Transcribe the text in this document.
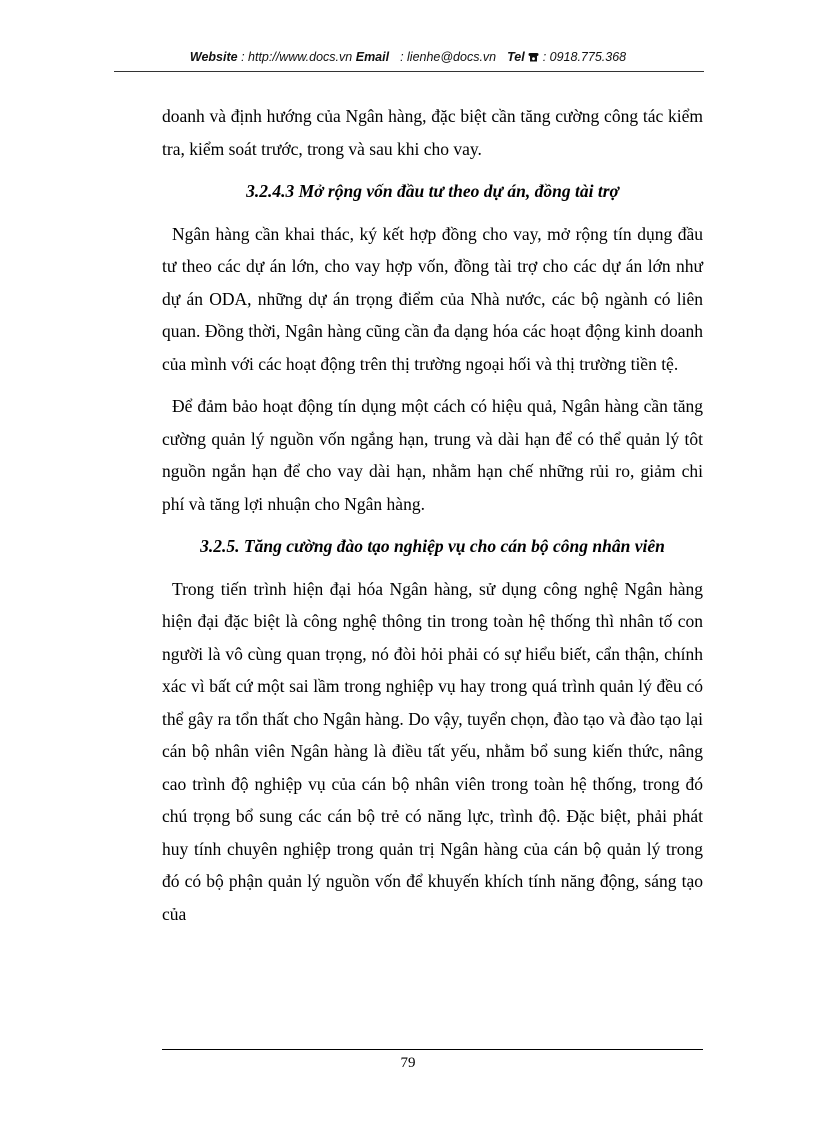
Website : http://www.docs.vn Email : lienhe@docs.vn Tel : 0918.775.368

doanh và định hướng của Ngân hàng, đặc biệt cần tăng cường công tác kiểm tra, kiểm soát trước, trong và sau khi cho vay.

3.2.4.3 Mở rộng vốn đầu tư theo dự án, đồng tài trợ

Ngân hàng cần khai thác, ký kết hợp đồng cho vay, mở rộng tín dụng đầu tư theo các dự án lớn, cho vay hợp vốn, đồng tài trợ cho các dự án lớn như dự án ODA, những dự án trọng điểm của Nhà nước, các bộ ngành có liên quan. Đồng thời, Ngân hàng cũng cần đa dạng hóa các hoạt động kinh doanh của mình với các hoạt động trên thị trường ngoại hối và thị trường tiền tệ.

Để đảm bảo hoạt động tín dụng một cách có hiệu quả, Ngân hàng cần tăng cường quản lý nguồn vốn ngắng hạn, trung và dài hạn để có thể quản lý tôt nguồn ngắn hạn để cho vay dài hạn, nhằm hạn chế những rủi ro, giảm chi phí và tăng lợi nhuận cho Ngân hàng.

3.2.5. Tăng cường đào tạo nghiệp vụ cho cán bộ công nhân viên

Trong tiến trình hiện đại hóa Ngân hàng, sử dụng công nghệ Ngân hàng hiện đại đặc biệt là công nghệ thông tin trong toàn hệ thống thì nhân tố con người là vô cùng quan trọng, nó đòi hỏi phải có sự hiểu biết, cẩn thận, chính xác vì bất cứ một sai lầm trong nghiệp vụ hay trong quá trình quản lý đều có thể gây ra tổn thất cho Ngân hàng. Do vậy, tuyển chọn, đào tạo và đào tạo lại cán bộ nhân viên Ngân hàng là điều tất yếu, nhằm bổ sung kiến thức, nâng cao trình độ nghiệp vụ của cán bộ nhân viên trong toàn hệ thống, trong đó chú trọng bổ sung các cán bộ trẻ có năng lực, trình độ. Đặc biệt, phải phát huy tính chuyên nghiệp trong quản trị Ngân hàng của cán bộ quản lý trong đó có bộ phận quản lý nguồn vốn để khuyến khích tính năng động, sáng tạo của

79
